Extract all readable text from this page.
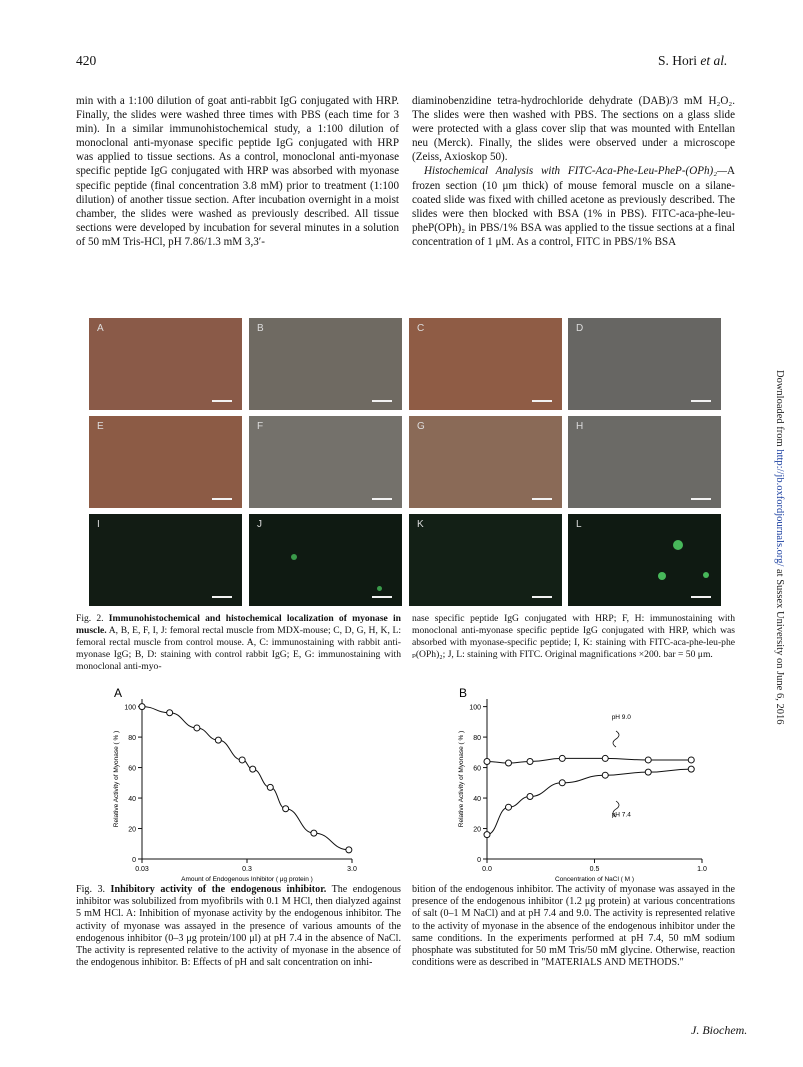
420	S. Hori et al.

min with a 1:100 dilution of goat anti-rabbit IgG conjugated with HRP. Finally, the slides were washed three times with PBS (each time for 3 min). In a similar immunohistochemical study, a 1:100 dilution of monoclonal anti-myonase specific peptide IgG conjugated with HRP was applied to tissue sections. As a control, monoclonal anti-myonase specific peptide IgG conjugated with HRP was absorbed with myonase specific peptide (final concentration 3.8 mM) prior to treatment (1:100 dilution) of another tissue section. After incubation overnight in a moist chamber, the slides were washed as previously described. All tissue sections were developed by incubation for several minutes in a solution of 50 mM Tris-HCl, pH 7.86/1.3 mM 3,3′-

diaminobenzidine tetra-hydrochloride dehydrate (DAB)/3 mM H₂O₂. The slides were then washed with PBS. The sections on a glass slide were protected with a glass cover slip that was mounted with Entellan neu (Merck). Finally, the slides were observed under a microscope (Zeiss, Axioskop 50).

Histochemical Analysis with FITC-Aca-Phe-Leu-PheP-(OPh)₂—A frozen section (10 μm thick) of mouse femoral muscle on a silane-coated slide was fixed with chilled acetone as previously described. The slides were then blocked with BSA (1% in PBS). FITC-aca-phe-leu-pheP(OPh)₂ in PBS/1% BSA was applied to the tissue sections at a final concentration of 1 μM. As a control, FITC in PBS/1% BSA

Downloaded from http://jb.oxfordjournals.org/ at Sussex University on June 6, 2016
A	B	C	D
E	F	G	H
I	J	K	L

Fig. 2. Immunohistochemical and histochemical localization of myonase in muscle. A, B, E, F, I, J: femoral rectal muscle from MDX-mouse; C, D, G, H, K, L: femoral rectal muscle from control mouse. A, C: immunostaining with rabbit anti-myonase IgG; B, D: staining with control rabbit IgG; E, G: immunostaining with monoclonal anti-myo-

nase specific peptide IgG conjugated with HRP; F, H: immunostaining with monoclonal anti-myonase specific peptide IgG conjugated with HRP, which was absorbed with myonase-specific peptide; I, K: staining with FITC-aca-phe-leu-phe ₚ(OPh)₂; J, L: staining with FITC. Original magnifications ×200. bar = 50 μm.

A
0
20
40
60
80
100
0.03	0.3	3.0
Amount of Endogenous Inhibitor ( μg protein )
Relative Activity of Myonase ( % )
B
0
20
40
60
80
100
0.0	0.5	1.0
Concentration of NaCl ( M )
Relative Activity of Myonase ( % )
pH 9.0
pH 7.4

Fig. 3. Inhibitory activity of the endogenous inhibitor. The endogenous inhibitor was solubilized from myofibrils with 0.1 M HCl, then dialyzed against 5 mM HCl. A: Inhibition of myonase activity by the endogenous inhibitor. The activity of myonase was assayed in the presence of various amounts of the endogenous inhibitor (0–3 μg protein/100 μl) at pH 7.4 in the absence of NaCl. The activity is represented relative to the activity of myonase in the absence of the endogenous inhibitor. B: Effects of pH and salt concentration on inhi-

bition of the endogenous inhibitor. The activity of myonase was assayed in the presence of the endogenous inhibitor (1.2 μg protein) at various concentrations of salt (0–1 M NaCl) and at pH 7.4 and 9.0. The activity is represented relative to the activity of myonase in the absence of the endogenous inhibitor under the same conditions. In the experiments performed at pH 7.4, 50 mM sodium phosphate was substituted for 50 mM Tris/50 mM glycine. Otherwise, reaction conditions were as described in "MATERIALS AND METHODS."

J. Biochem.
